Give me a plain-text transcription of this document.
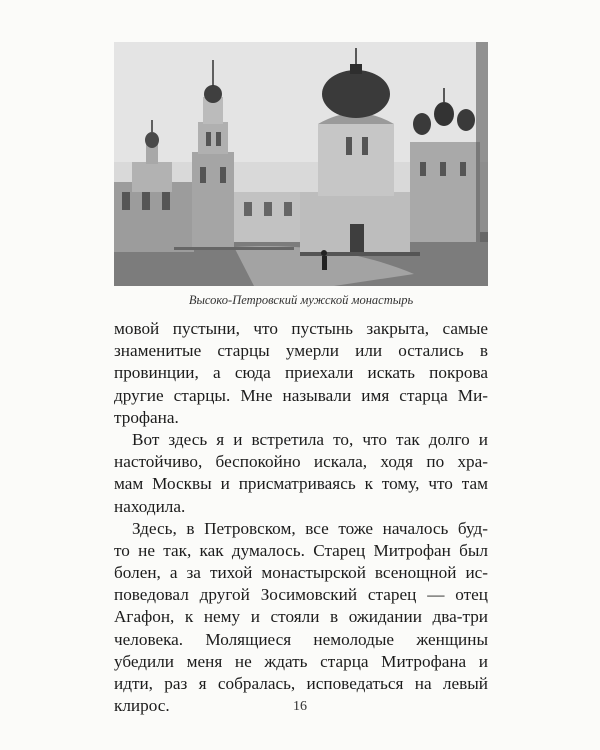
Высоко-Петровский мужской монастырь
мовой пустыни, что пустынь закрыта, самые
знаменитые старцы умерли или остались в
провинции, а сюда приехали искать покрова
другие старцы. Мне называли имя старца Ми-
трофана.
Вот здесь я и встретила то, что так долго и
настойчиво, беспокойно искала, ходя по хра-
мам Москвы и присматриваясь к тому, что там
находила.
Здесь, в Петровском, все тоже началось буд-
то не так, как думалось. Старец Митрофан был
болен, а за тихой монастырской всенощной ис-
поведовал другой Зосимовский старец — отец
Агафон, к нему и стояли в ожидании два-три
человека. Молящиеся немолодые женщины
убедили меня не ждать старца Митрофана и
идти, раз я собралась, исповедаться на левый
клирос.	16
